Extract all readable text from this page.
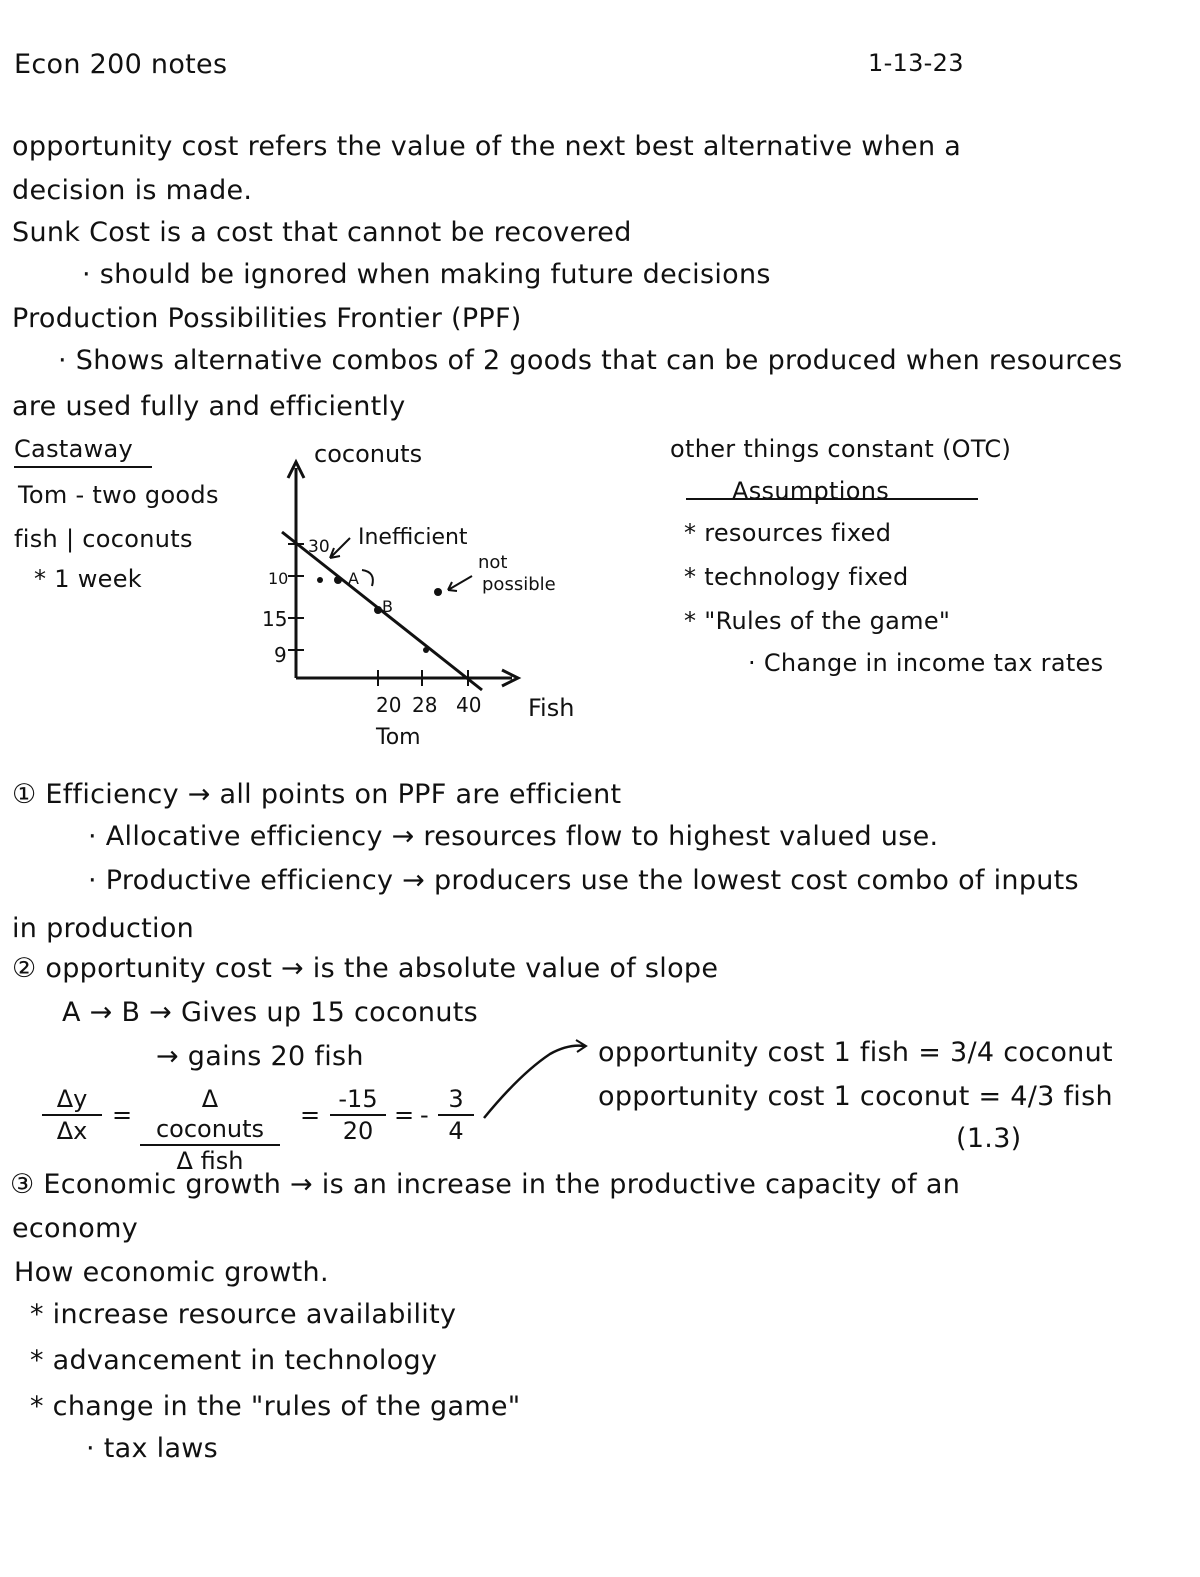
Econ 200 notes	1-13-23
opportunity cost refers the value of the next best alternative when a
decision is made.
Sunk Cost is a cost that cannot be recovered
· should be ignored when making future decisions
Production Possibilities Frontier (PPF)
· Shows alternative combos of 2 goods that can be produced when resources
are used fully and efficiently
Castaway
Tom - two goods
fish | coconuts
* 1 week
coconuts
Fish
Tom
30
10
15
9
20 28 40
A
B
Inefficient
not
possible
other things constant (OTC)
Assumptions
* resources fixed
* technology fixed
* "Rules of the game"
· Change in income tax rates
① Efficiency → all points on PPF are efficient
· Allocative efficiency → resources flow to highest valued use.
· Productive efficiency → producers use the lowest cost combo of inputs
in production
② opportunity cost → is the absolute value of slope
A → B → Gives up 15 coconuts
→ gains 20 fish
$\frac{\Delta y}{\Delta x}$ =
Δ coconuts
Δ fish
= $\frac{-15}{20}$ = - $\frac{3}{4}$
opportunity cost 1 fish = 3/4 coconut
opportunity cost 1 coconut = 4/3 fish
(1.3)
③ Economic growth → is an increase in the productive capacity of an
economy
How economic growth.
* increase resource availability
* advancement in technology
* change in the "rules of the game"
· tax laws
